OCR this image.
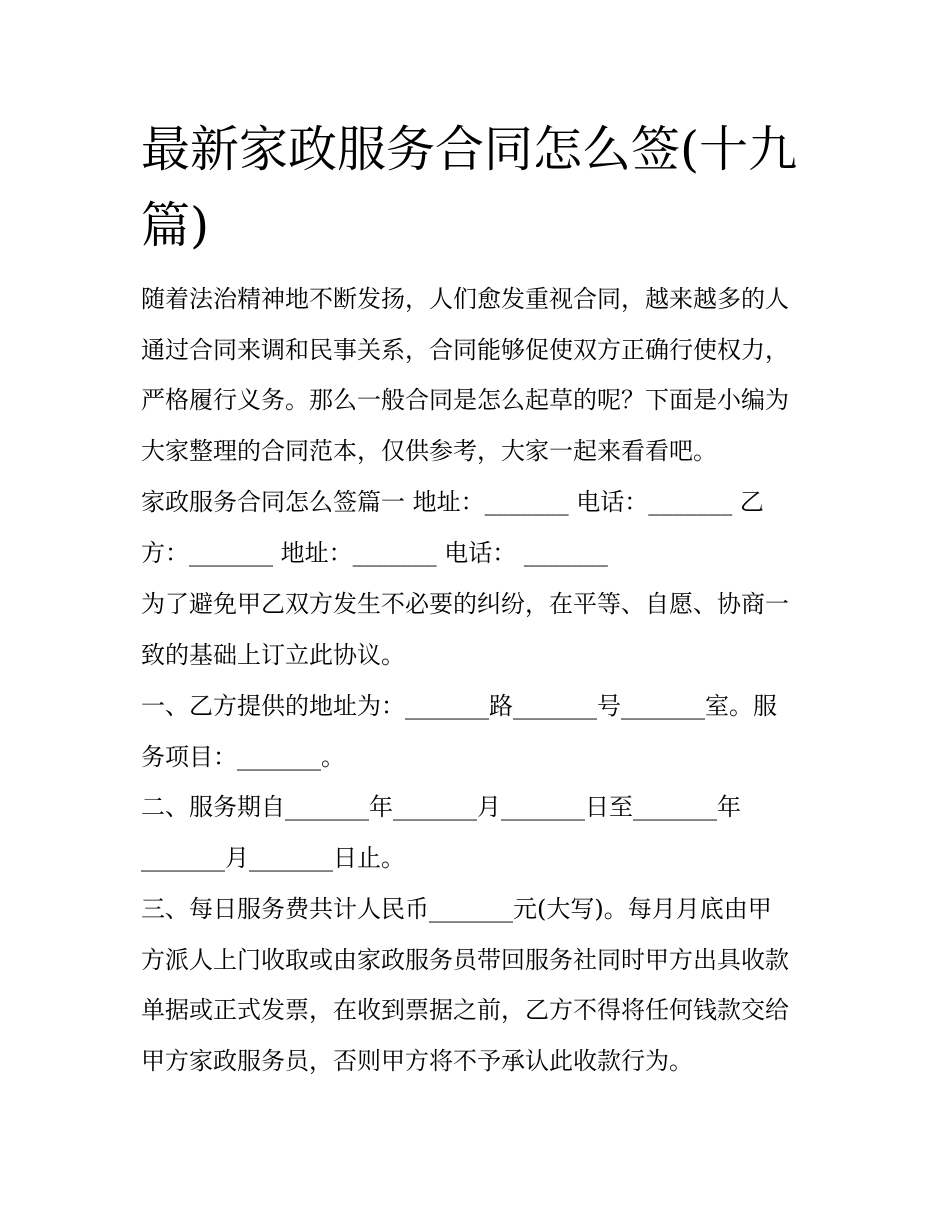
最新家政服务合同怎么签(十九
篇)
随着法治精神地不断发扬，人们愈发重视合同，越来越多的人
通过合同来调和民事关系，合同能够促使双方正确行使权力，
严格履行义务。那么一般合同是怎么起草的呢？下面是小编为
大家整理的合同范本，仅供参考，大家一起来看看吧。
家政服务合同怎么签篇一 地址：_______ 电话：_______ 乙
方：_______ 地址：_______ 电话： _______
为了避免甲乙双方发生不必要的纠纷，在平等、自愿、协商一
致的基础上订立此协议。
一、乙方提供的地址为：_______路_______号_______室。服
务项目：_______。
二、服务期自_______年_______月_______日至_______年
_______月_______日止。
三、每日服务费共计人民币_______元(大写)。每月月底由甲
方派人上门收取或由家政服务员带回服务社同时甲方出具收款
单据或正式发票，在收到票据之前，乙方不得将任何钱款交给
甲方家政服务员，否则甲方将不予承认此收款行为。
